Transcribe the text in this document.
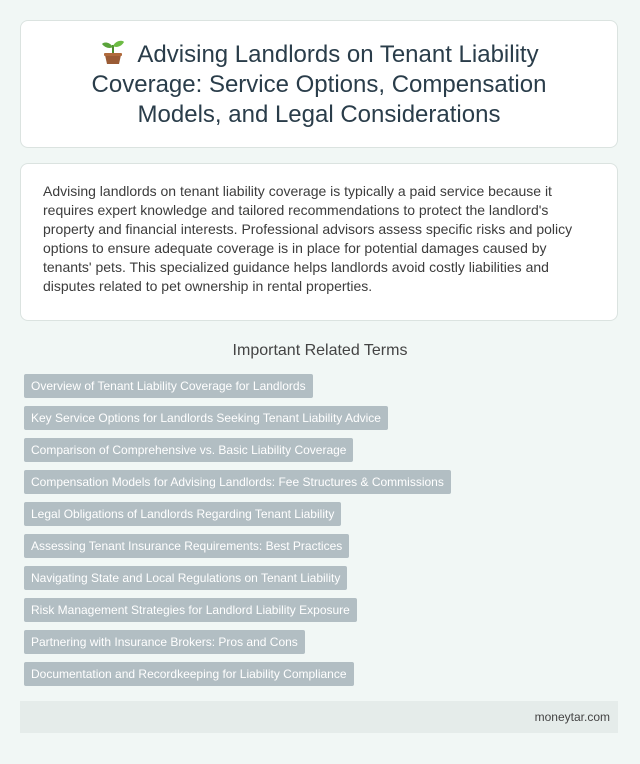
Advising Landlords on Tenant Liability Coverage: Service Options, Compensation Models, and Legal Considerations

Advising landlords on tenant liability coverage is typically a paid service because it requires expert knowledge and tailored recommendations to protect the landlord's property and financial interests. Professional advisors assess specific risks and policy options to ensure adequate coverage is in place for potential damages caused by tenants' pets. This specialized guidance helps landlords avoid costly liabilities and disputes related to pet ownership in rental properties.

Important Related Terms
Overview of Tenant Liability Coverage for Landlords
Key Service Options for Landlords Seeking Tenant Liability Advice
Comparison of Comprehensive vs. Basic Liability Coverage
Compensation Models for Advising Landlords: Fee Structures & Commissions
Legal Obligations of Landlords Regarding Tenant Liability
Assessing Tenant Insurance Requirements: Best Practices
Navigating State and Local Regulations on Tenant Liability
Risk Management Strategies for Landlord Liability Exposure
Partnering with Insurance Brokers: Pros and Cons
Documentation and Recordkeeping for Liability Compliance
moneytar.com
